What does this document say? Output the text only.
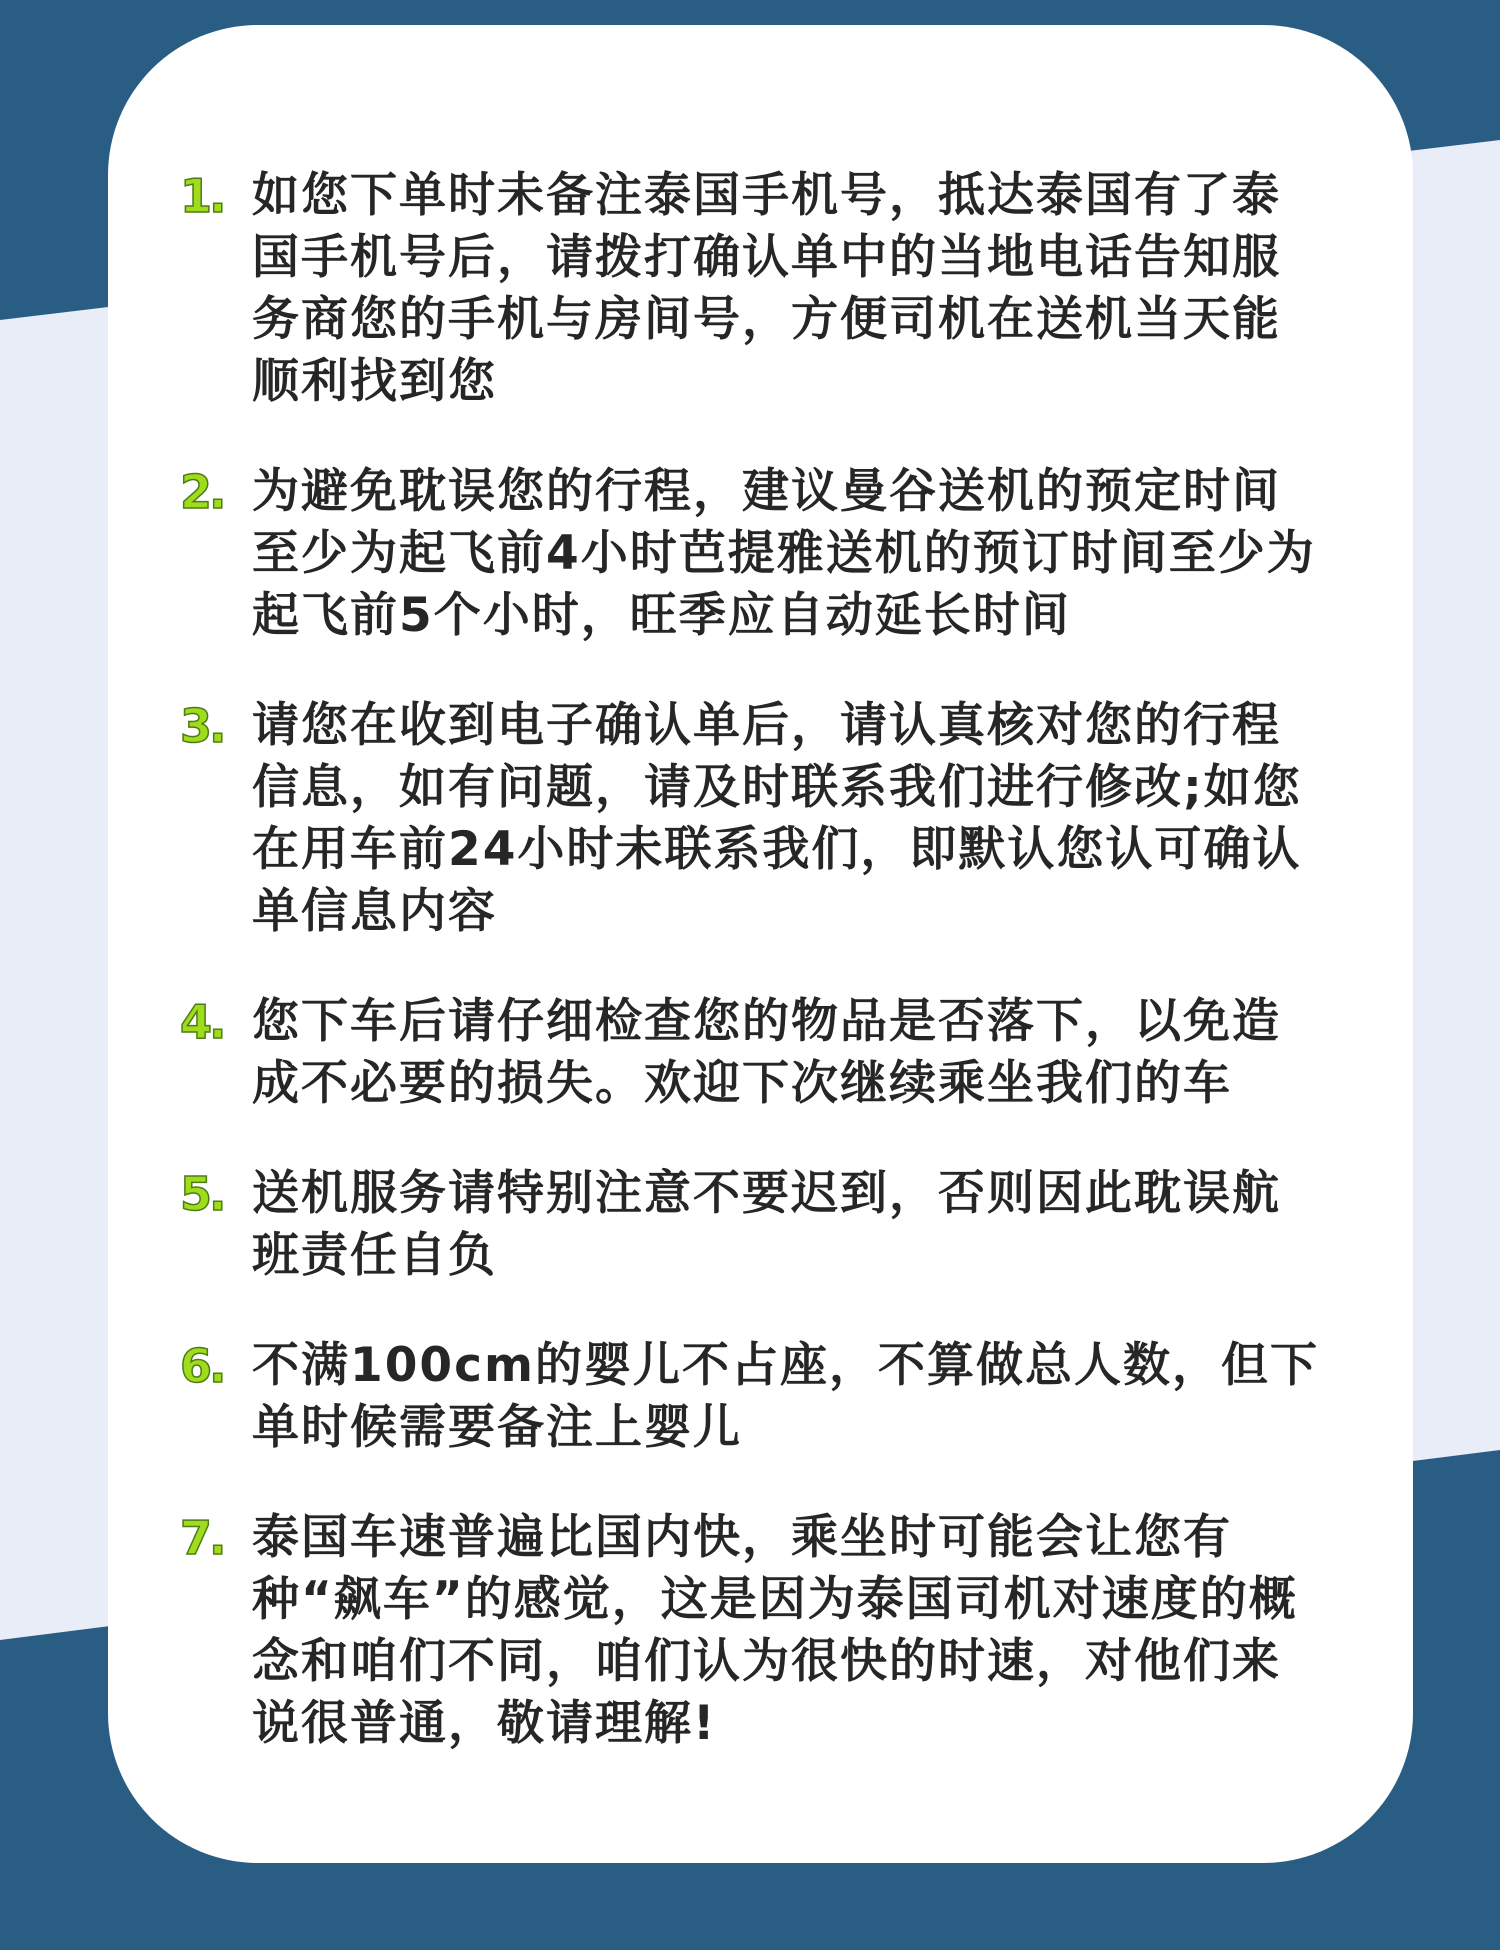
1. 如您下单时未备注泰国手机号，抵达泰国有了泰国手机号后，请拨打确认单中的当地电话告知服务商您的手机与房间号，方便司机在送机当天能顺利找到您
2. 为避免耽误您的行程，建议曼谷送机的预定时间至少为起飞前4小时芭提雅送机的预订时间至少为起飞前5个小时，旺季应自动延长时间
3. 请您在收到电子确认单后，请认真核对您的行程信息，如有问题，请及时联系我们进行修改;如您在用车前24小时未联系我们，即默认您认可确认单信息内容
4. 您下车后请仔细检查您的物品是否落下，以免造成不必要的损失。欢迎下次继续乘坐我们的车
5. 送机服务请特别注意不要迟到，否则因此耽误航班责任自负
6. 不满100cm的婴儿不占座，不算做总人数，但下单时候需要备注上婴儿
7. 泰国车速普遍比国内快，乘坐时可能会让您有种“飙车”的感觉，这是因为泰国司机对速度的概念和咱们不同，咱们认为很快的时速，对他们来说很普通，敬请理解!
